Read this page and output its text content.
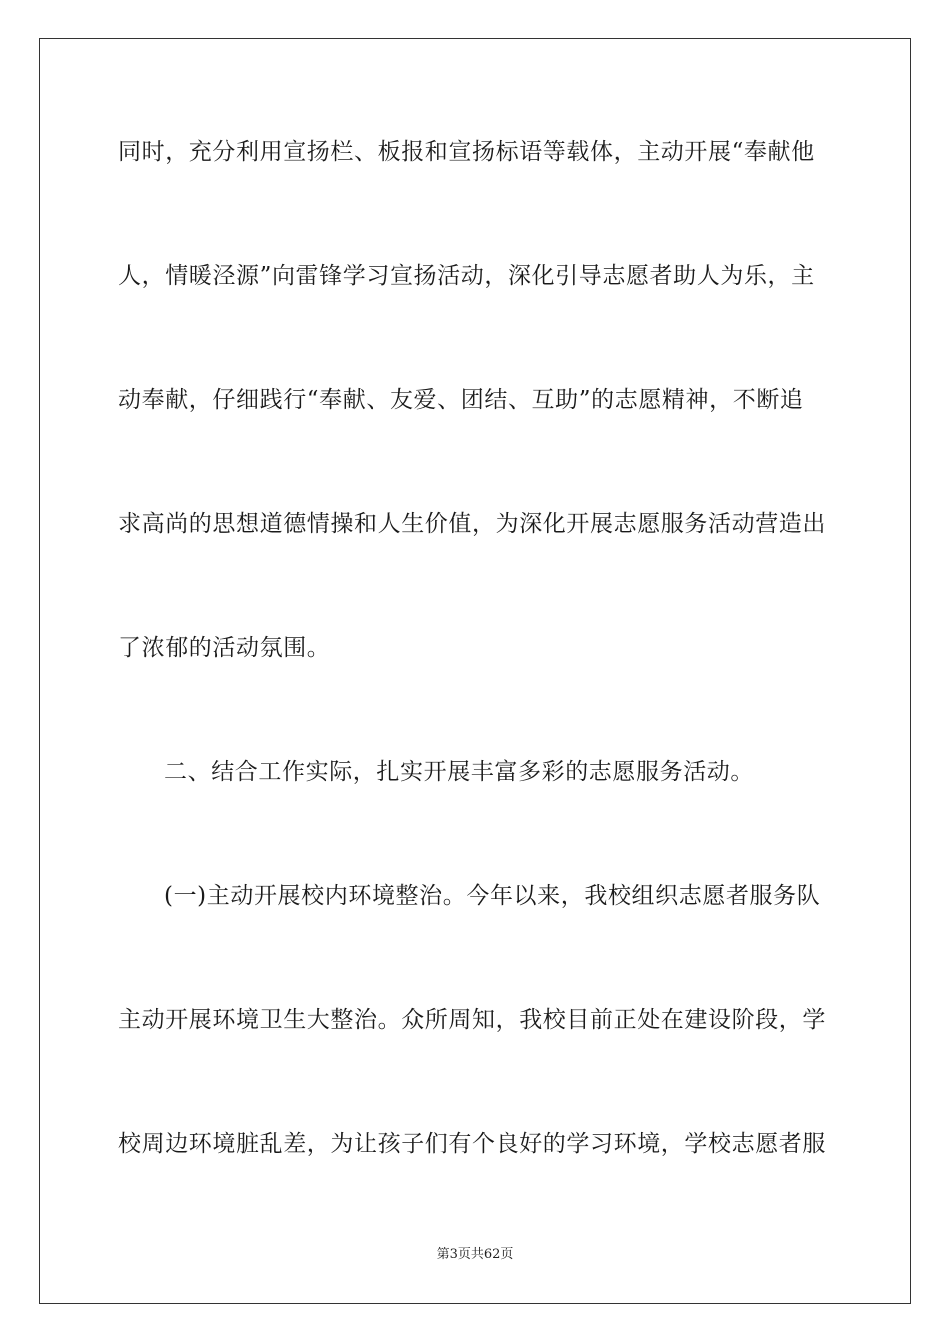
同时，充分利用宣扬栏、板报和宣扬标语等载体，主动开展“奉献他
人，情暖泾源”向雷锋学习宣扬活动，深化引导志愿者助人为乐，主
动奉献，仔细践行“奉献、友爱、团结、互助”的志愿精神，不断追
求高尚的思想道德情操和人生价值，为深化开展志愿服务活动营造出
了浓郁的活动氛围。
二、结合工作实际，扎实开展丰富多彩的志愿服务活动。
(一)主动开展校内环境整治。今年以来，我校组织志愿者服务队
主动开展环境卫生大整治。众所周知，我校目前正处在建设阶段，学
校周边环境脏乱差，为让孩子们有个良好的学习环境，学校志愿者服
第3页共62页
